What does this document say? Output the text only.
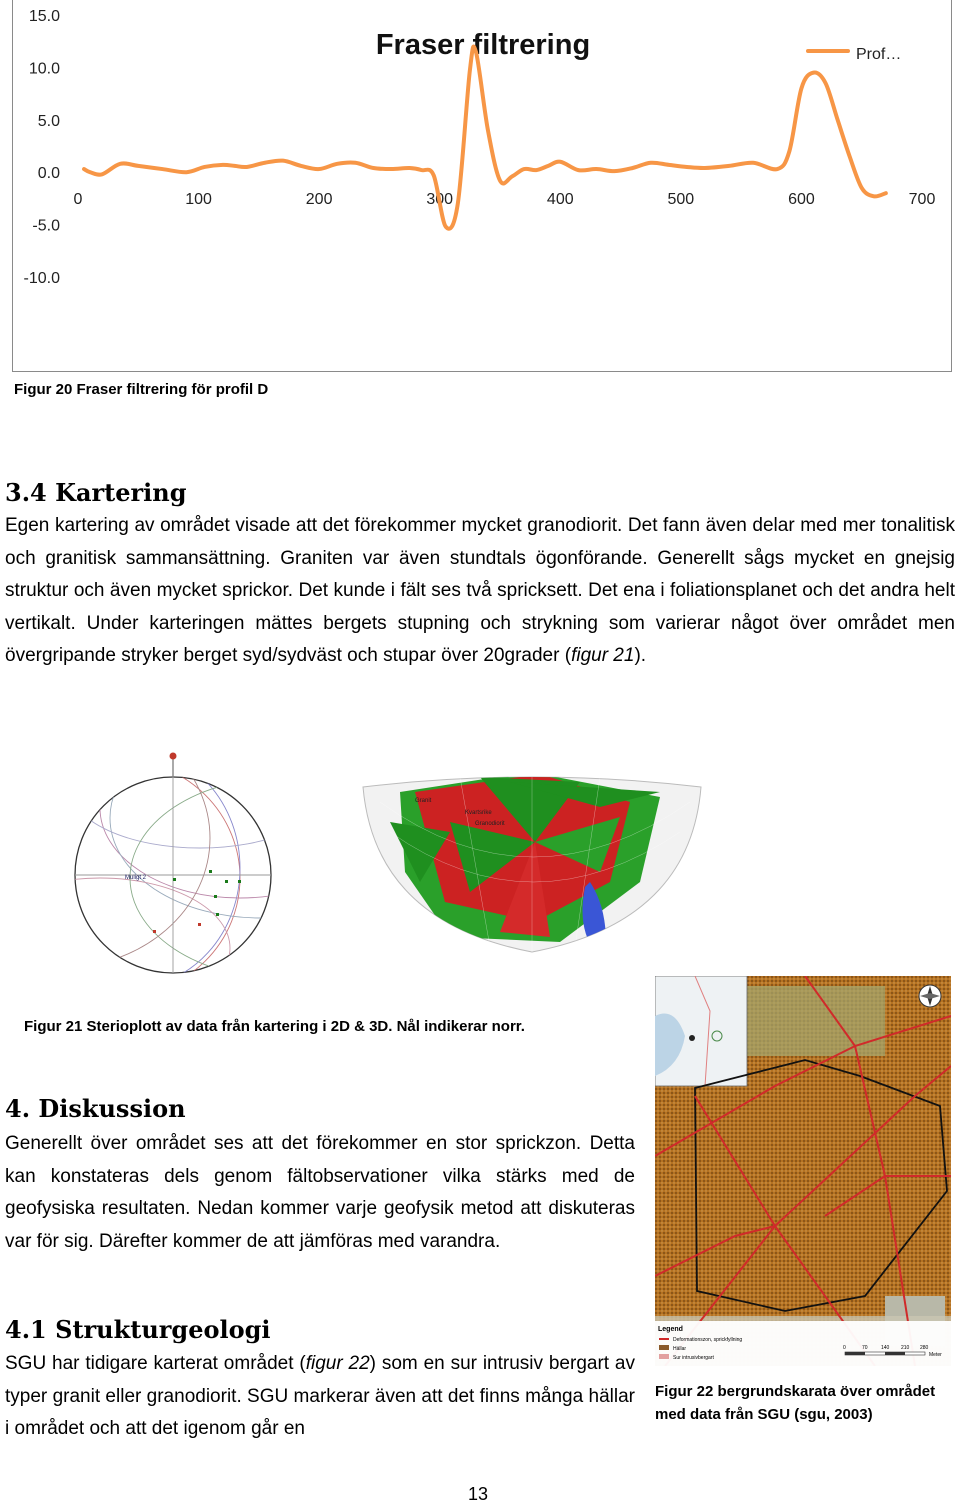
15.0
10.0
5.0
0.0
-5.0
-10.0
0	100	200	300	400	500	600	700
Fraser filtrering	Prof…
Figur 20 Fraser filtrering för profil D
3.4 Kartering

Egen kartering av området visade att det förekommer mycket granodiorit. Det fann även delar med mer tonalitisk och granitisk sammansättning. Graniten var även stundtals ögonförande. Generellt sågs mycket en gnejsig struktur och även mycket sprickor. Det kunde i fält ses två spricksett. Det ena i foliationsplanet och det andra helt vertikalt. Under karteringen mättes bergets stupning och strykning som varierar något över området men övergripande stryker berget syd/sydväst och stupar över 20grader (figur 21).

Muligt 2
Granit
Kvartsrike
Granodiorit
Figur 21 Sterioplott av data från kartering i 2D & 3D. Nål indikerar norr.
4. Diskussion

Generellt över området ses att det förekommer en stor sprickzon. Detta kan konstateras dels genom fältobservationer vilka stärks med de geofysiska resultaten. Nedan kommer varje geofysik metod att diskuteras var för sig. Därefter kommer de att jämföras med varandra.

4.1 Strukturgeologi

SGU har tidigare karterat området (figur 22) som en sur intrusiv bergart av typer granit eller granodiorit. SGU markerar även att det finns många hällar i området och att det igenom går en

Legend
Deformationszon, sprickfyllning
Hällar
Sur intrusivbergart
0	70	140 210 280
Meter
Figur 22 bergrundskarata över området med data från SGU (sgu, 2003)
13
